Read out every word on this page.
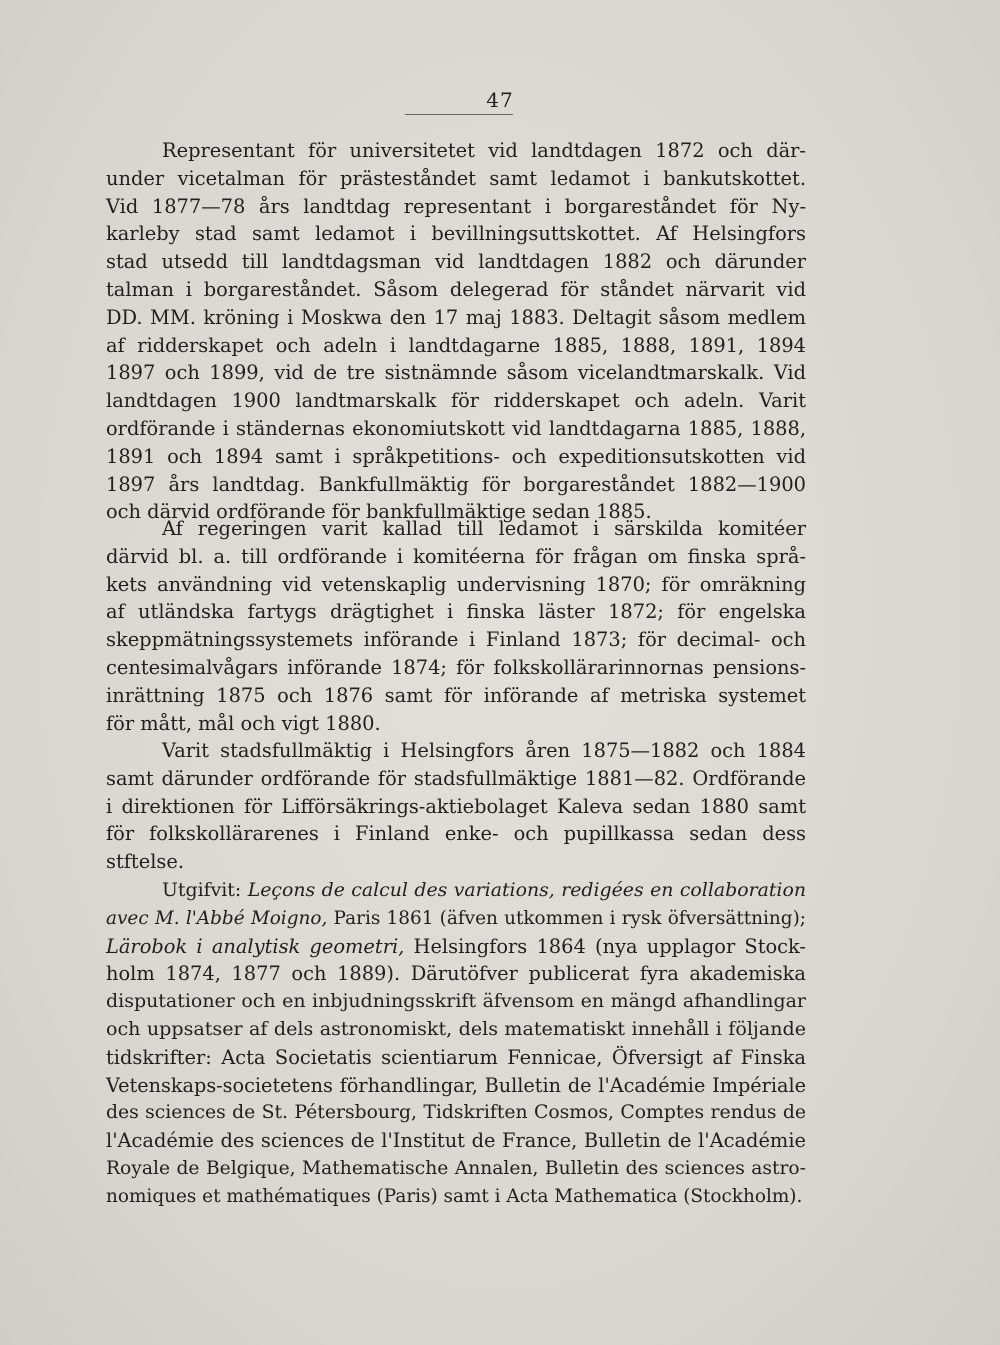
47
Representant för universitetet vid landtdagen 1872 och där-
under vicetalman för prästeståndet samt ledamot i bankutskottet.
Vid 1877—78 års landtdag representant i borgareståndet för Ny-
karleby stad samt ledamot i bevillningsuttskottet. Af Helsingfors
stad utsedd till landtdagsman vid landtdagen 1882 och därunder
talman i borgareståndet. Såsom delegerad för ståndet närvarit vid
DD. MM. kröning i Moskwa den 17 maj 1883. Deltagit såsom medlem
af ridderskapet och adeln i landtdagarne 1885, 1888, 1891, 1894
1897 och 1899, vid de tre sistnämnde såsom vicelandtmarskalk. Vid
landtdagen 1900 landtmarskalk för ridderskapet och adeln. Varit
ordförande i ständernas ekonomiutskott vid landtdagarna 1885, 1888,
1891 och 1894 samt i språkpetitions- och expeditionsutskotten vid
1897 års landtdag. Bankfullmäktig för borgareståndet 1882—1900
och därvid ordförande för bankfullmäktige sedan 1885.
Af regeringen varit kallad till ledamot i särskilda komitéer
därvid bl. a. till ordförande i komitéerna för frågan om finska språ-
kets användning vid vetenskaplig undervisning 1870; för omräkning
af utländska fartygs drägtighet i finska läster 1872; för engelska
skeppmätningssystemets införande i Finland 1873; för decimal- och
centesimalvågars införande 1874; för folkskollärarinnornas pensions-
inrättning 1875 och 1876 samt för införande af metriska systemet
för mått, mål och vigt 1880.
Varit stadsfullmäktig i Helsingfors åren 1875—1882 och 1884
samt därunder ordförande för stadsfullmäktige 1881—82. Ordförande
i direktionen för Lifförsäkrings-aktiebolaget Kaleva sedan 1880 samt
för folkskollärarenes i Finland enke- och pupillkassa sedan dess
stftelse.
Utgifvit: Leçons de calcul des variations, redigées en collaboration
avec M. l'Abbé Moigno, Paris 1861 (äfven utkommen i rysk öfversättning);
Lärobok i analytisk geometri, Helsingfors 1864 (nya upplagor Stock-
holm 1874, 1877 och 1889). Därutöfver publicerat fyra akademiska
disputationer och en inbjudningsskrift äfvensom en mängd afhandlingar
och uppsatser af dels astronomiskt, dels matematiskt innehåll i följande
tidskrifter: Acta Societatis scientiarum Fennicae, Öfversigt af Finska
Vetenskaps-societetens förhandlingar, Bulletin de l'Académie Impériale
des sciences de St. Pétersbourg, Tidskriften Cosmos, Comptes rendus de
l'Académie des sciences de l'Institut de France, Bulletin de l'Académie
Royale de Belgique, Mathematische Annalen, Bulletin des sciences astro-
nomiques et mathématiques (Paris) samt i Acta Mathematica (Stockholm).
